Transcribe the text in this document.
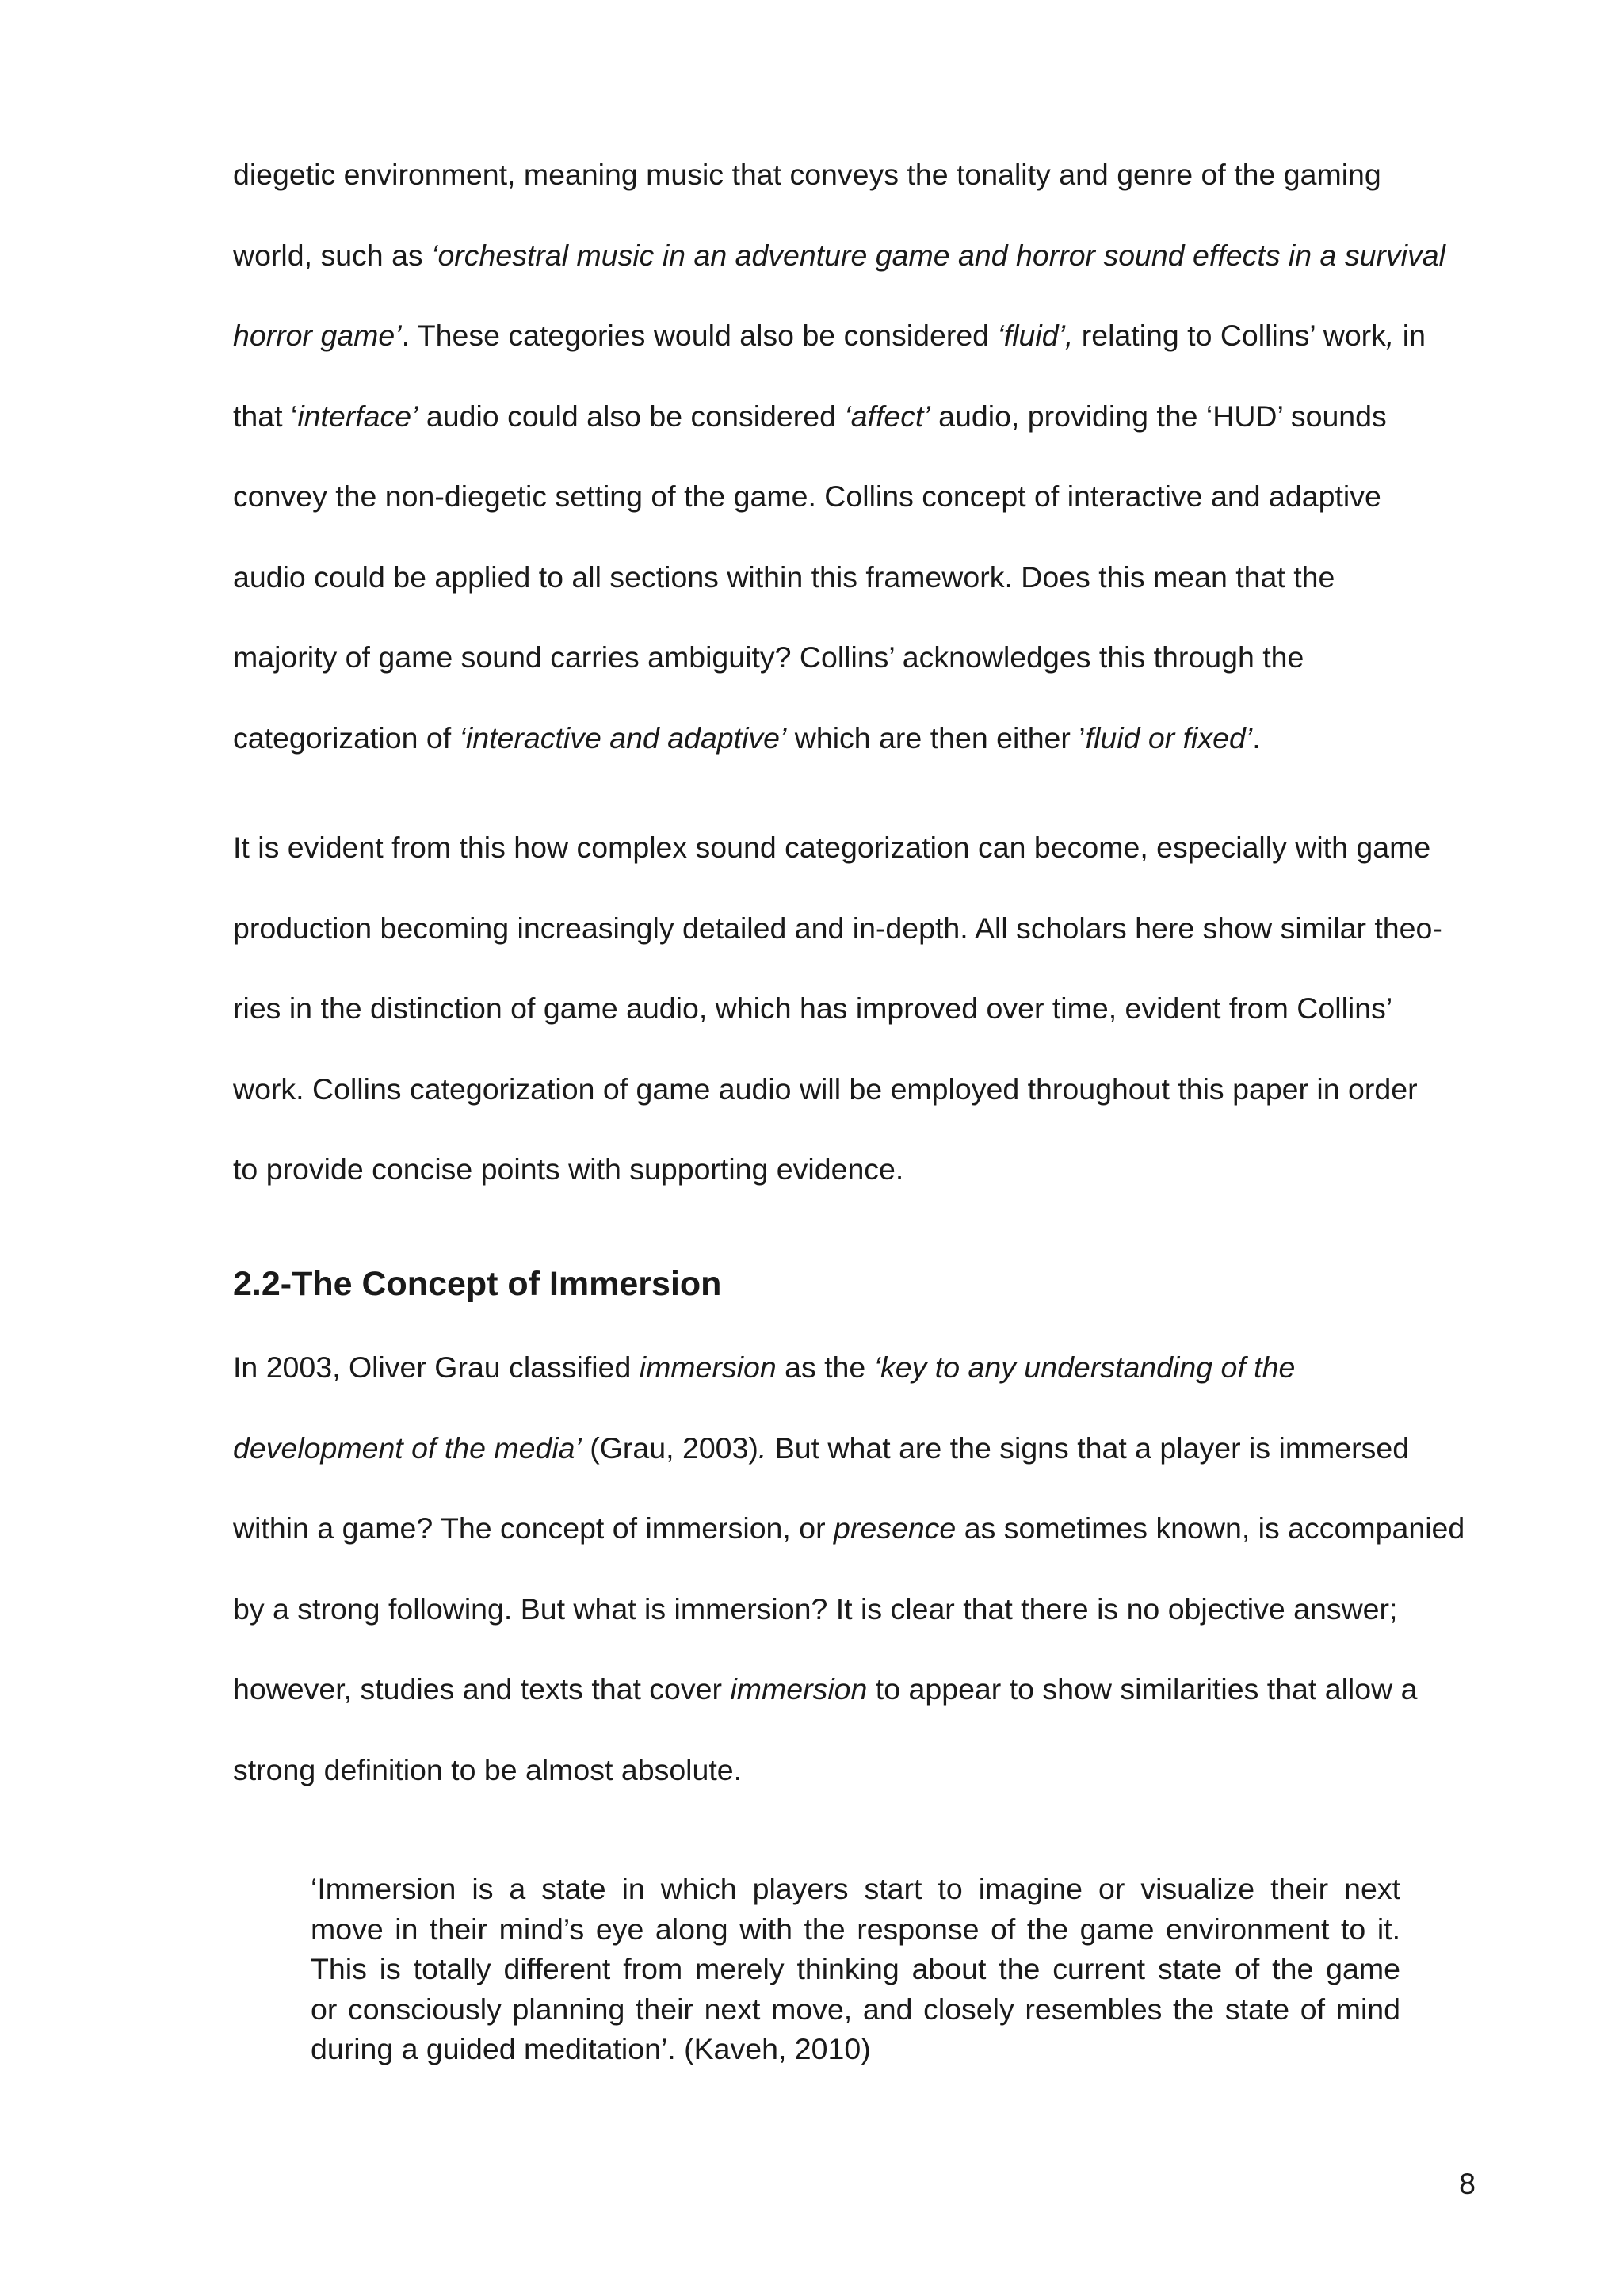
diegetic environment, meaning music that conveys the tonality and genre of the gaming
world, such as ‘orchestral music in an adventure game and horror sound effects in a survival
horror game’. These categories would also be considered ‘fluid’, relating to Collins’ work, in
that ‘interface’ audio could also be considered ‘affect’ audio, providing the ‘HUD’ sounds
convey the non-diegetic setting of the game. Collins concept of interactive and adaptive
audio could be applied to all sections within this framework. Does this mean that the
majority of game sound carries ambiguity? Collins’ acknowledges this through the
categorization of ‘interactive and adaptive’ which are then either ’fluid or fixed’.
It is evident from this how complex sound categorization can become, especially with game
production becoming increasingly detailed and in-depth. All scholars here show similar theo-
ries in the distinction of game audio, which has improved over time, evident from Collins’
work. Collins categorization of game audio will be employed throughout this paper in order
to provide concise points with supporting evidence.
2.2-The Concept of Immersion
In 2003, Oliver Grau classified immersion as the ‘key to any understanding of the
development of the media’ (Grau, 2003). But what are the signs that a player is immersed
within a game? The concept of immersion, or presence as sometimes known, is accompanied
by a strong following. But what is immersion? It is clear that there is no objective answer;
however, studies and texts that cover immersion to appear to show similarities that allow a
strong definition to be almost absolute.
‘Immersion is a state in which players start to imagine or visualize their next
move in their mind’s eye along with the response of the game environment to it.
This is totally different from merely thinking about the current state of the game
or consciously planning their next move, and closely resembles the state of mind
during a guided meditation’. (Kaveh, 2010)
8
